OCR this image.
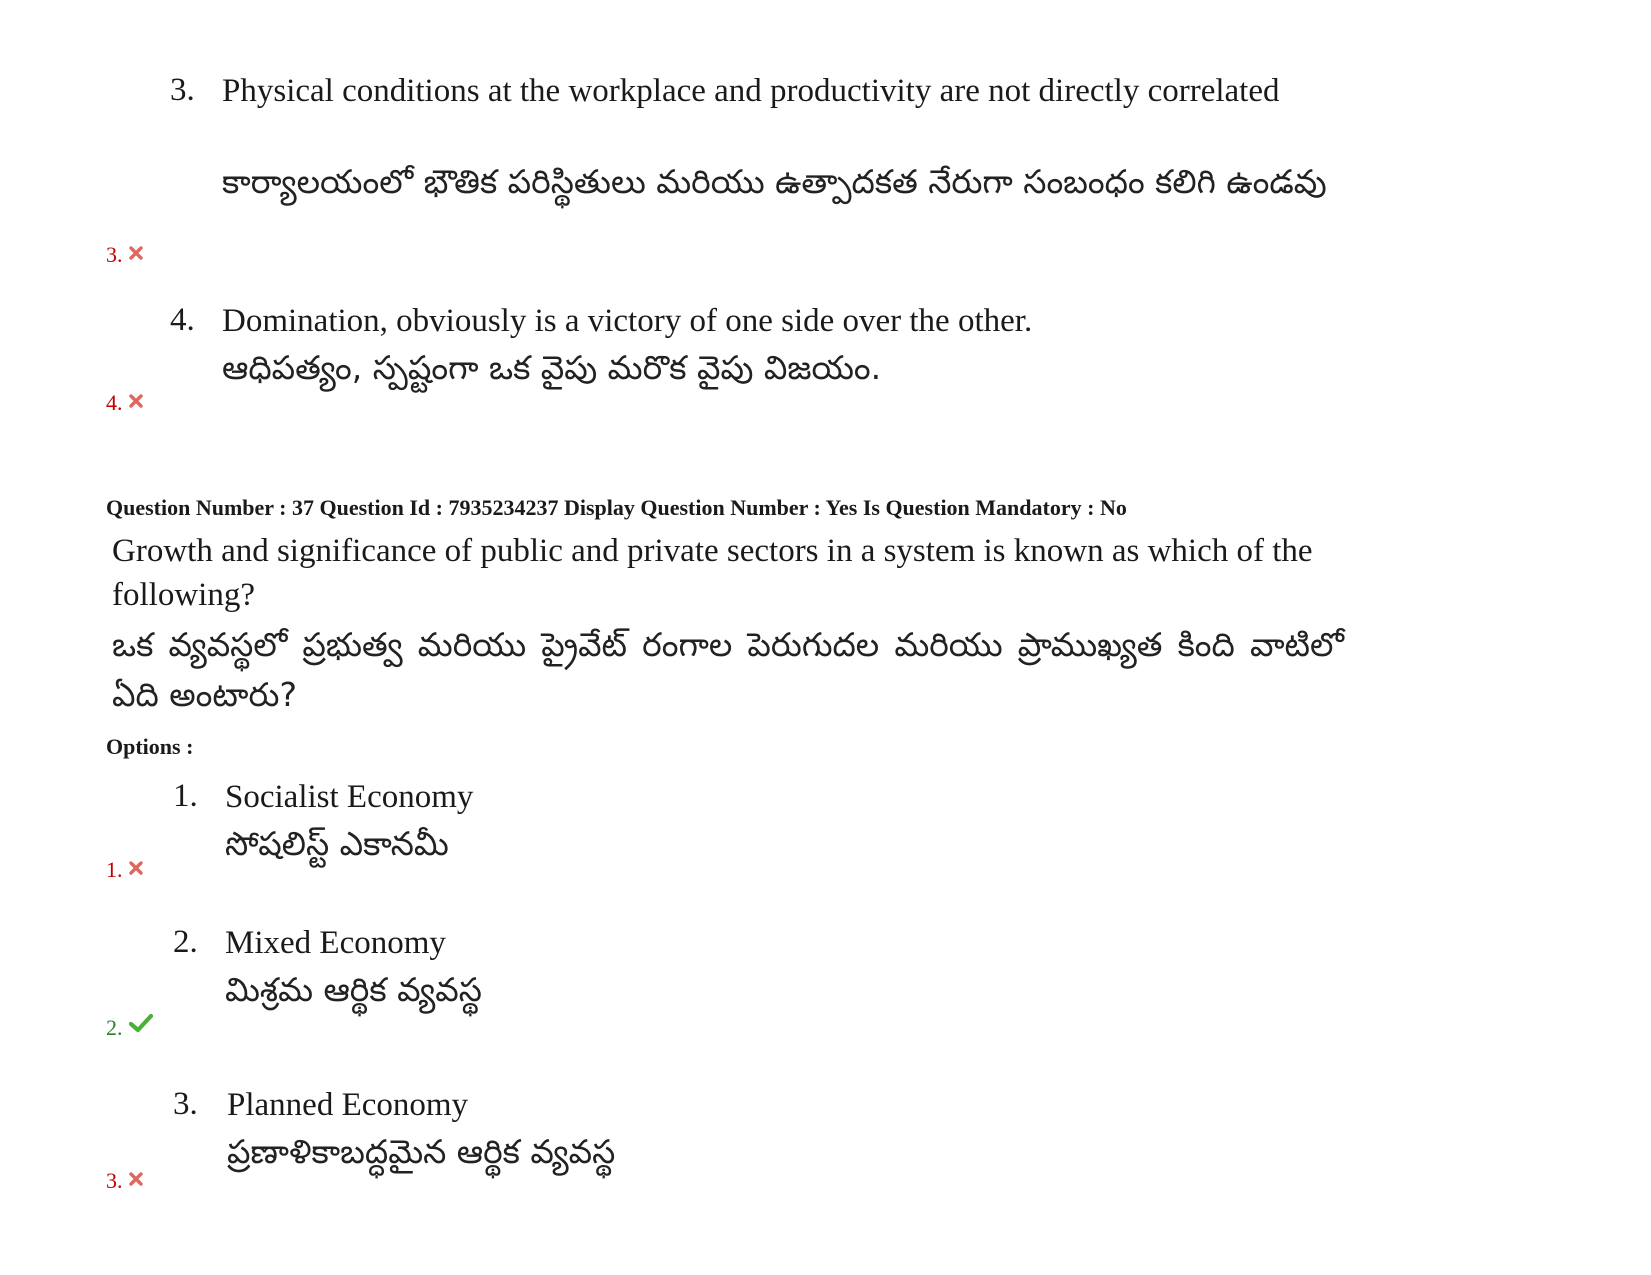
3. Physical conditions at the workplace and productivity are not directly correlated
కార్యాలయంలో భౌతిక పరిస్థితులు మరియు ఉత్పాదకత నేరుగా సంబంధం కలిగి ఉండవు
3.
4. Domination, obviously is a victory of one side over the other.
ఆధిపత్యం, స్పష్టంగా ఒక వైపు మరొక వైపు విజయం.
4.
Question Number : 37 Question Id : 7935234237 Display Question Number : Yes Is Question Mandatory : No
Growth and significance of public and private sectors in a system is known as which of the following?
ఒక వ్యవస్థలో ప్రభుత్వ మరియు ప్రైవేట్ రంగాల పెరుగుదల మరియు ప్రాముఖ్యత కింది వాటిలో ఏది అంటారు?
Options :
1. Socialist Economy
సోషలిస్ట్ ఎకానమీ
1.
2. Mixed Economy
మిశ్రమ ఆర్థిక వ్యవస్థ
2.
3. Planned Economy
ప్రణాళికాబద్ధమైన ఆర్థిక వ్యవస్థ
3.
